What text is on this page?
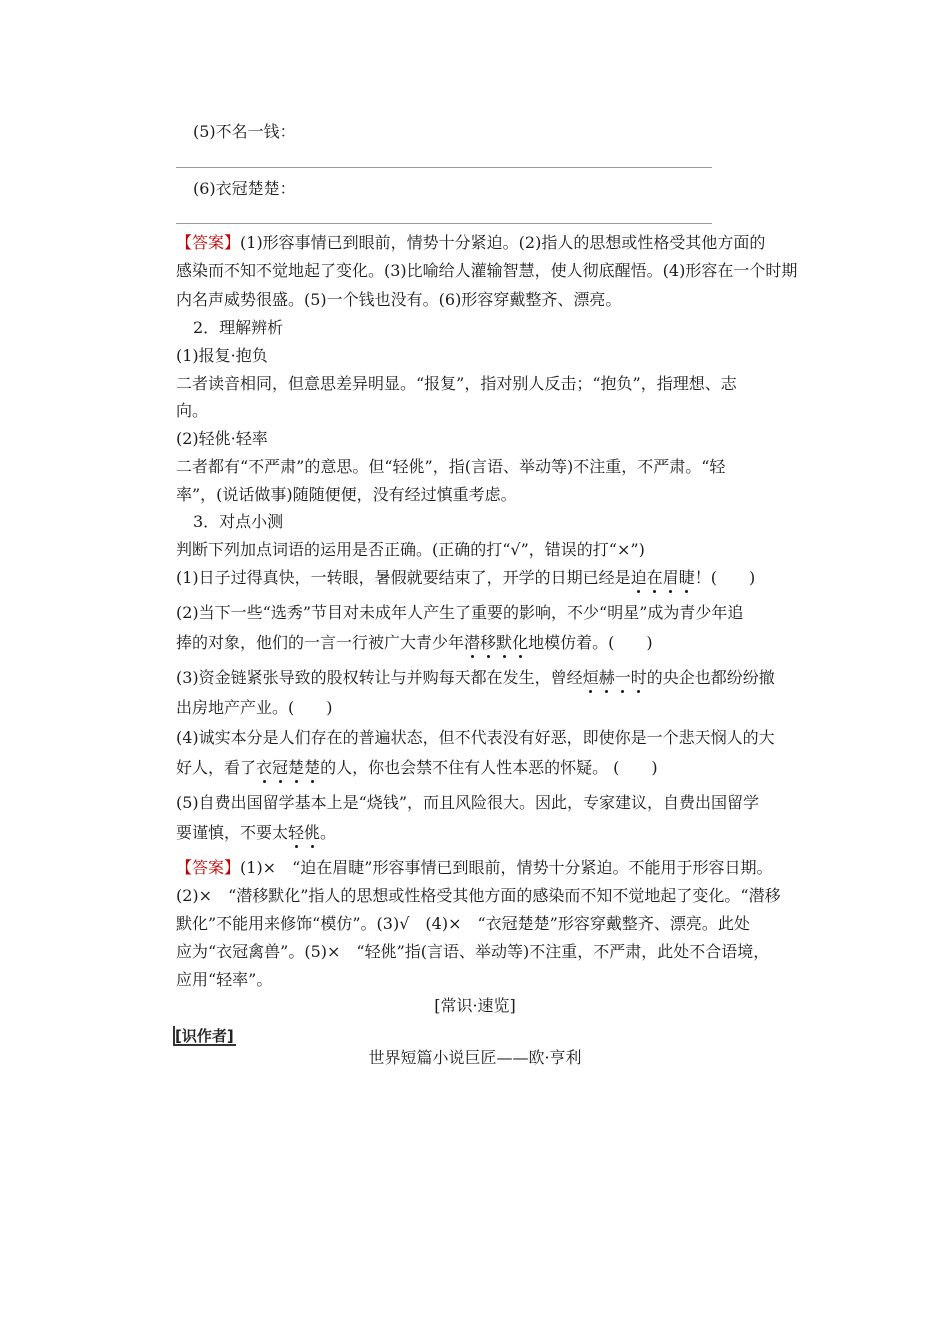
(5)不名一钱：
(6)衣冠楚楚：
【答案】(1)形容事情已到眼前，情势十分紧迫。(2)指人的思想或性格受其他方面的
感染而不知不觉地起了变化。(3)比喻给人灌输智慧，使人彻底醒悟。(4)形容在一个时期
内名声威势很盛。(5)一个钱也没有。(6)形容穿戴整齐、漂亮。
2．理解辨析
(1)报复·抱负
二者读音相同，但意思差异明显。“报复”，指对别人反击；“抱负”，指理想、志
向。
(2)轻佻·轻率
二者都有“不严肃”的意思。但“轻佻”，指(言语、举动等)不注重，不严肃。“轻
率”，(说话做事)随随便便，没有经过慎重考虑。
3．对点小测
判断下列加点词语的运用是否正确。(正确的打“√”，错误的打“×”)
(1)日子过得真快，一转眼，暑假就要结束了，开学的日期已经是迫在眉睫！(　　)
(2)当下一些“选秀”节目对未成年人产生了重要的影响，不少“明星”成为青少年追
捧的对象，他们的一言一行被广大青少年潜移默化地模仿着。(　　)
(3)资金链紧张导致的股权转让与并购每天都在发生，曾经烜赫一时的央企也都纷纷撤
出房地产产业。(　　)
(4)诚实本分是人们存在的普遍状态，但不代表没有好恶，即使你是一个悲天悯人的大
好人，看了衣冠楚楚的人，你也会禁不住有人性本恶的怀疑。 (　　)
(5)自费出国留学基本上是“烧钱”，而且风险很大。因此，专家建议，自费出国留学
要谨慎，不要太轻佻。
【答案】(1)×　“迫在眉睫”形容事情已到眼前，情势十分紧迫。不能用于形容日期。
(2)×　“潜移默化”指人的思想或性格受其他方面的感染而不知不觉地起了变化。“潜移
默化”不能用来修饰“模仿”。(3)√　(4)×　“衣冠楚楚”形容穿戴整齐、漂亮。此处
应为“衣冠禽兽”。(5)×　“轻佻”指(言语、举动等)不注重，不严肃，此处不合语境，
应用“轻率”。
[常识·速览]
[识作者]
世界短篇小说巨匠——欧·亨利
